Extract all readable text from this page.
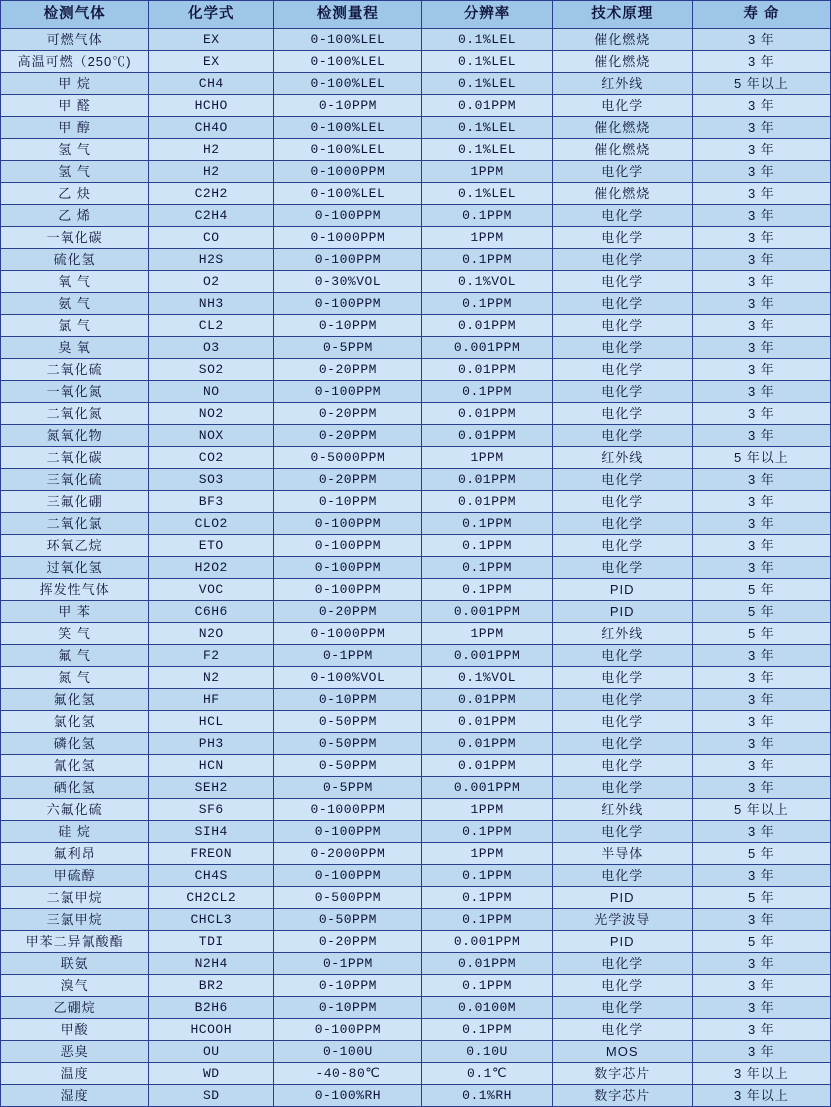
检测气体	化学式	检测量程	分辨率	技术原理	寿 命
可燃气体	EX	0-100%LEL	0.1%LEL	催化燃烧	3 年
高温可燃（250℃)	EX	0-100%LEL	0.1%LEL	催化燃烧	3 年
甲 烷	CH4	0-100%LEL	0.1%LEL	红外线	5 年以上
甲 醛	HCHO	0-10PPM	0.01PPM	电化学	3 年
甲 醇	CH4O	0-100%LEL	0.1%LEL	催化燃烧	3 年
氢 气	H2	0-100%LEL	0.1%LEL	催化燃烧	3 年
氢 气	H2	0-1000PPM	1PPM	电化学	3 年
乙 炔	C2H2	0-100%LEL	0.1%LEL	催化燃烧	3 年
乙 烯	C2H4	0-100PPM	0.1PPM	电化学	3 年
一氧化碳	CO	0-1000PPM	1PPM	电化学	3 年
硫化氢	H2S	0-100PPM	0.1PPM	电化学	3 年
氧 气	O2	0-30%VOL	0.1%VOL	电化学	3 年
氨 气	NH3	0-100PPM	0.1PPM	电化学	3 年
氯 气	CL2	0-10PPM	0.01PPM	电化学	3 年
臭 氧	O3	0-5PPM	0.001PPM	电化学	3 年
二氧化硫	SO2	0-20PPM	0.01PPM	电化学	3 年
一氧化氮	NO	0-100PPM	0.1PPM	电化学	3 年
二氧化氮	NO2	0-20PPM	0.01PPM	电化学	3 年
氮氧化物	NOX	0-20PPM	0.01PPM	电化学	3 年
二氧化碳	CO2	0-5000PPM	1PPM	红外线	5 年以上
三氧化硫	SO3	0-20PPM	0.01PPM	电化学	3 年
三氟化硼	BF3	0-10PPM	0.01PPM	电化学	3 年
二氧化氯	CLO2	0-100PPM	0.1PPM	电化学	3 年
环氧乙烷	ETO	0-100PPM	0.1PPM	电化学	3 年
过氧化氢	H2O2	0-100PPM	0.1PPM	电化学	3 年
挥发性气体	VOC	0-100PPM	0.1PPM	PID	5 年
甲 苯	C6H6	0-20PPM	0.001PPM	PID	5 年
笑 气	N2O	0-1000PPM	1PPM	红外线	5 年
氟 气	F2	0-1PPM	0.001PPM	电化学	3 年
氮 气	N2	0-100%VOL	0.1%VOL	电化学	3 年
氟化氢	HF	0-10PPM	0.01PPM	电化学	3 年
氯化氢	HCL	0-50PPM	0.01PPM	电化学	3 年
磷化氢	PH3	0-50PPM	0.01PPM	电化学	3 年
氰化氢	HCN	0-50PPM	0.01PPM	电化学	3 年
硒化氢	SEH2	0-5PPM	0.001PPM	电化学	3 年
六氟化硫	SF6	0-1000PPM	1PPM	红外线	5 年以上
硅 烷	SIH4	0-100PPM	0.1PPM	电化学	3 年
氟利昂	FREON	0-2000PPM	1PPM	半导体	5 年
甲硫醇	CH4S	0-100PPM	0.1PPM	电化学	3 年
二氯甲烷	CH2CL2	0-500PPM	0.1PPM	PID	5 年
三氯甲烷	CHCL3	0-50PPM	0.1PPM	光学波导	3 年
甲苯二异氰酸酯	TDI	0-20PPM	0.001PPM	PID	5 年
联氨	N2H4	0-1PPM	0.01PPM	电化学	3 年
溴气	BR2	0-10PPM	0.1PPM	电化学	3 年
乙硼烷	B2H6	0-10PPM	0.0100M	电化学	3 年
甲酸	HCOOH	0-100PPM	0.1PPM	电化学	3 年
恶臭	OU	0-100U	0.10U	MOS	3 年
温度	WD	-40-80℃	0.1℃	数字芯片	3 年以上
湿度	SD	0-100%RH	0.1%RH	数字芯片	3 年以上
